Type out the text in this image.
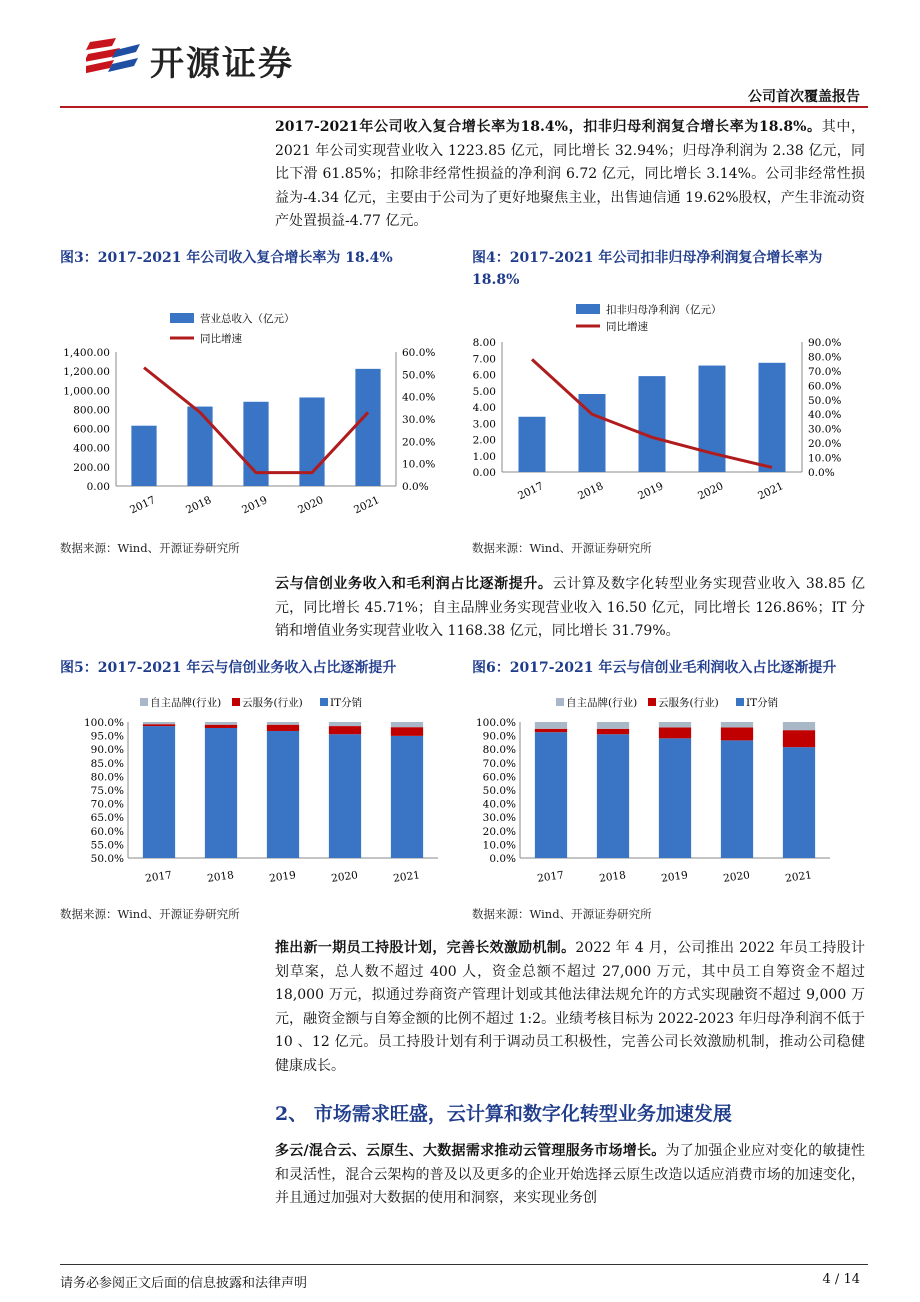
开源证券
公司首次覆盖报告
2017-2021年公司收入复合增长率为18.4%，扣非归母利润复合增长率为18.8%。其中，2021 年公司实现营业收入 1223.85 亿元，同比增长 32.94%；归母净利润为 2.38 亿元，同比下滑 61.85%；扣除非经常性损益的净利润 6.72 亿元，同比增长 3.14%。公司非经常性损益为-4.34 亿元，主要由于公司为了更好地聚焦主业，出售迪信通 19.62%股权，产生非流动资产处置损益-4.77 亿元。
图3：2017-2021 年公司收入复合增长率为 18.4%	图4：2017-2021 年公司扣非归母净利润复合增长率为 18.8%
营业总收入（亿元）
同比增速
0.00
200.00
400.00
600.00
800.00
1,000.00
1,200.00
1,400.00
0.0%
10.0%
20.0%
30.0%
40.0%
50.0%
60.0%
2017	2018	2019	2020	2021
扣非归母净利润（亿元）
同比增速
0.00
1.00
2.00
3.00
4.00
5.00
6.00
7.00
8.00
0.0%
10.0%
20.0%
30.0%
40.0%
50.0%
60.0%
70.0%
80.0%
90.0%
2017	2018	2019	2020	2021
数据来源：Wind、开源证券研究所	数据来源：Wind、开源证券研究所
云与信创业务收入和毛利润占比逐渐提升。云计算及数字化转型业务实现营业收入 38.85 亿元，同比增长 45.71%；自主品牌业务实现营业收入 16.50 亿元，同比增长 126.86%；IT 分销和增值业务实现营业收入 1168.38 亿元，同比增长 31.79%。
图5：2017-2021 年云与信创业务收入占比逐渐提升	图6：2017-2021 年云与信创业毛利润收入占比逐渐提升
自主品牌(行业) 云服务(行业)	IT分销
50.0%
55.0%
60.0%
65.0%
70.0%
75.0%
80.0%
85.0%
90.0%
95.0%
100.0%
2017	2018	2019	2020	2021
自主品牌(行业) 云服务(行业)	IT分销
0.0%
10.0%
20.0%
30.0%
40.0%
50.0%
60.0%
70.0%
80.0%
90.0%
100.0%
2017	2018	2019	2020	2021
数据来源：Wind、开源证券研究所	数据来源：Wind、开源证券研究所
推出新一期员工持股计划，完善长效激励机制。2022 年 4 月，公司推出 2022 年员工持股计划草案，总人数不超过 400 人，资金总额不超过 27,000 万元，其中员工自筹资金不超过 18,000 万元，拟通过券商资产管理计划或其他法律法规允许的方式实现融资不超过 9,000 万元，融资金额与自筹金额的比例不超过 1:2。业绩考核目标为 2022-2023 年归母净利润不低于 10 、12 亿元。员工持股计划有利于调动员工积极性，完善公司长效激励机制，推动公司稳健健康成长。
2、 市场需求旺盛，云计算和数字化转型业务加速发展
多云/混合云、云原生、大数据需求推动云管理服务市场增长。为了加强企业应对变化的敏捷性和灵活性，混合云架构的普及以及更多的企业开始选择云原生改造以适应消费市场的加速变化，并且通过加强对大数据的使用和洞察，来实现业务创
请务必参阅正文后面的信息披露和法律声明	4 / 14
